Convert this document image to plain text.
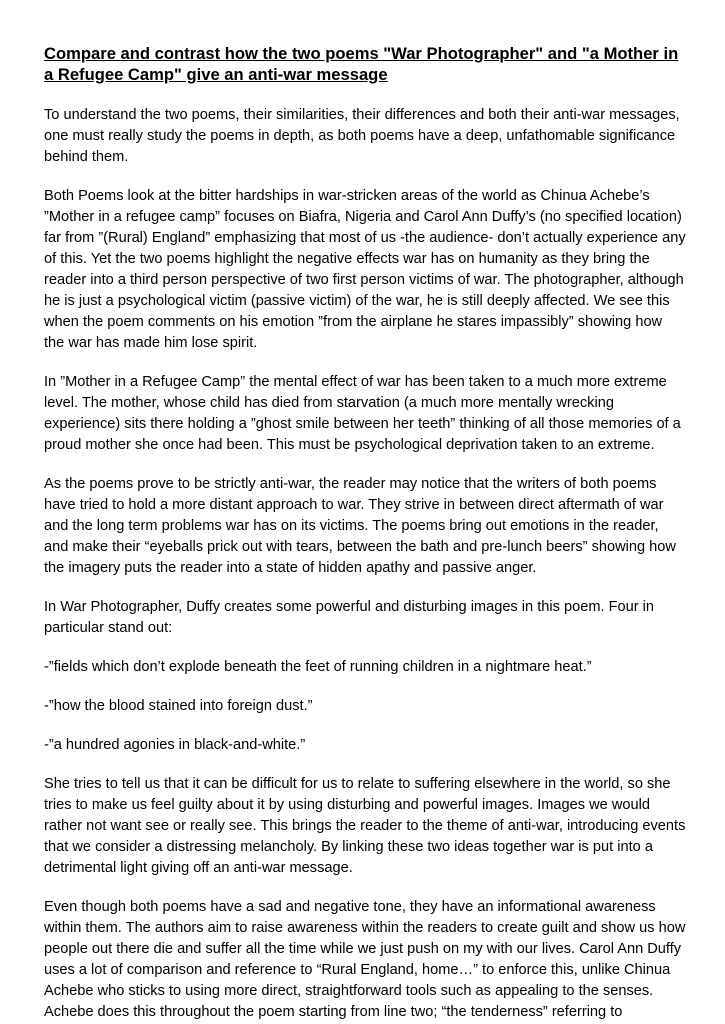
Compare and contrast how the two poems "War Photographer" and "a Mother in a Refugee Camp" give an anti-war message

To understand the two poems, their similarities, their differences and both their anti-war messages, one must really study the poems in depth, as both poems have a deep, unfathomable significance behind them.

Both Poems look at the bitter hardships in war-stricken areas of the world as Chinua Achebe’s ”Mother in a refugee camp” focuses on Biafra, Nigeria and Carol Ann Duffy’s (no specified location) far from ”(Rural) England” emphasizing that most of us -the audience- don’t actually experience any of this. Yet the two poems highlight the negative effects war has on humanity as they bring the reader into a third person perspective of two first person victims of war. The photographer, although he is just a psychological victim (passive victim) of the war, he is still deeply affected. We see this when the poem comments on his emotion ”from the airplane he stares impassibly” showing how the war has made him lose spirit.

In ”Mother in a Refugee Camp” the mental effect of war has been taken to a much more extreme level. The mother, whose child has died from starvation (a much more mentally wrecking experience) sits there holding a ”ghost smile between her teeth” thinking of all those memories of a proud mother she once had been. This must be psychological deprivation taken to an extreme.

As the poems prove to be strictly anti-war, the reader may notice that the writers of both poems have tried to hold a more distant approach to war. They strive in between direct aftermath of war and the long term problems war has on its victims. The poems bring out emotions in the reader, and make their “eyeballs prick out with tears, between the bath and pre-lunch beers” showing how the imagery puts the reader into a state of hidden apathy and passive anger.

In War Photographer, Duffy creates some powerful and disturbing images in this poem. Four in particular stand out:

-”fields which don’t explode beneath the feet of running children in a nightmare heat.”

-”how the blood stained into foreign dust.”

-”a hundred agonies in black-and-white.”

She tries to tell us that it can be difficult for us to relate to suffering elsewhere in the world, so she tries to make us feel guilty about it by using disturbing and powerful images. Images we would rather not want see or really see. This brings the reader to the theme of anti-war, introducing events that we consider a distressing melancholy. By linking these two ideas together war is put into a detrimental light giving off an anti-war message.

Even though both poems have a sad and negative tone, they have an informational awareness within them. The authors aim to raise awareness within the readers to create guilt and show us how people out there die and suffer all the time while we just push on my with our lives. Carol Ann Duffy uses a lot of comparison and reference to “Rural England, home…” to enforce this, unlike Chinua Achebe who sticks to using more direct, straightforward tools such as appealing to the senses. Achebe does this throughout the poem starting from line two; “the tenderness” referring to
